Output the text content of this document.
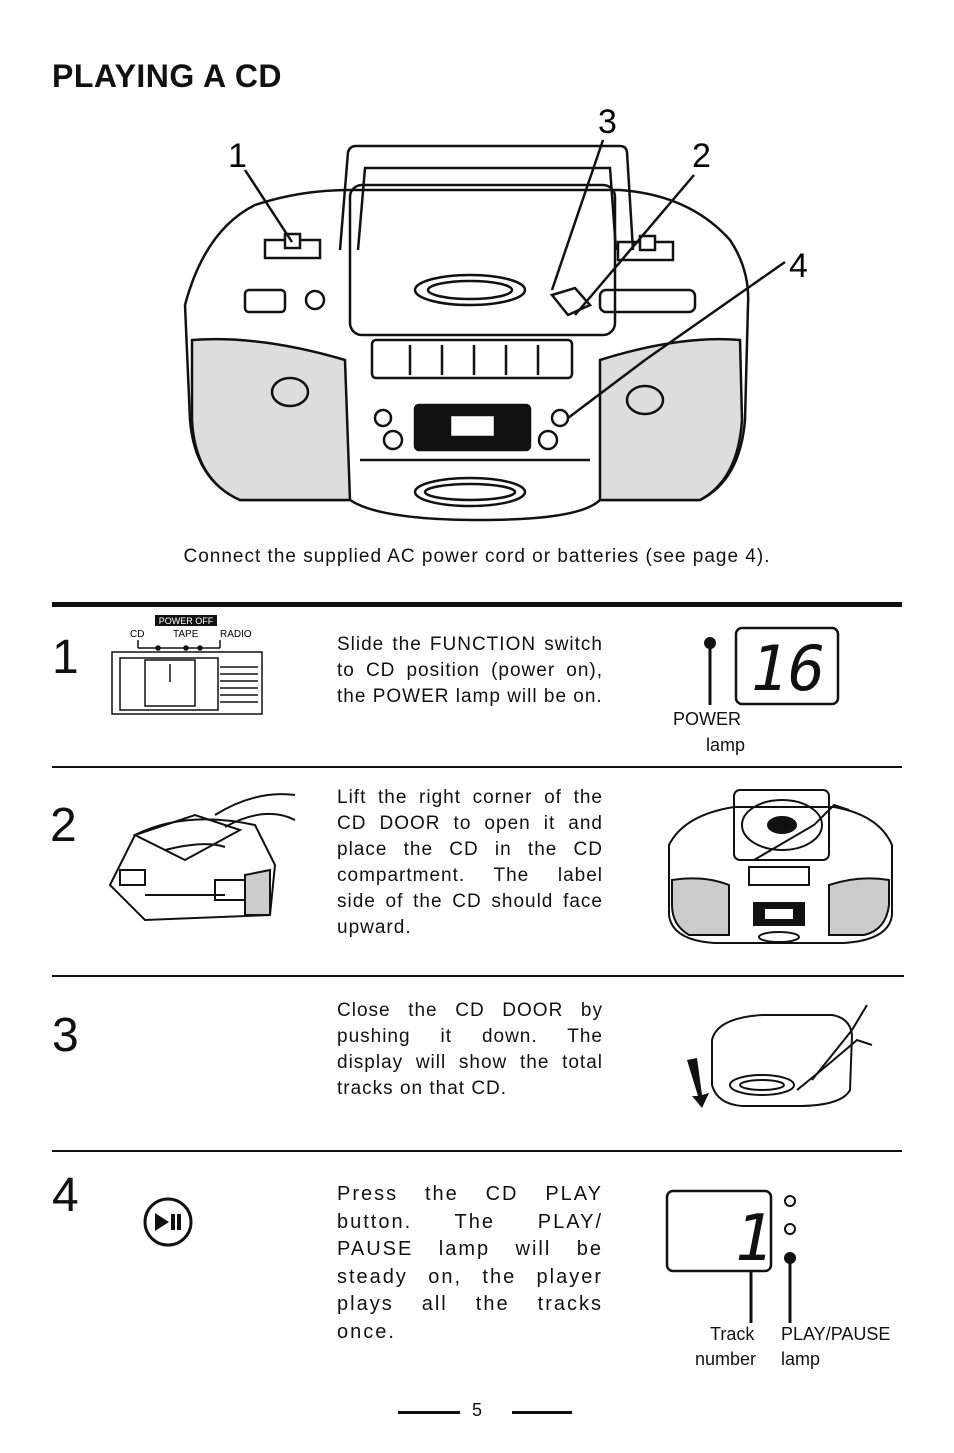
PLAYING A CD
1
3
2
4
Connect the supplied AC power cord or batteries (see page 4).
1
POWER OFF
CD	TAPE RADIO	Slide the FUNCTION switch to CD position (power on), the POWER lamp will be on. 16
POWER
lamp
2
Lift the right corner of the CD DOOR to open it and place the CD in the CD compartment. The label side of the CD should face upward.
3	Close the CD DOOR by pushing it down. The display will show the total tracks on that CD.
4	Press the CD PLAY button. The PLAY/ PAUSE lamp will be steady on, the player plays all the tracks once.
1
Track
number
PLAY/PAUSE
lamp
5
